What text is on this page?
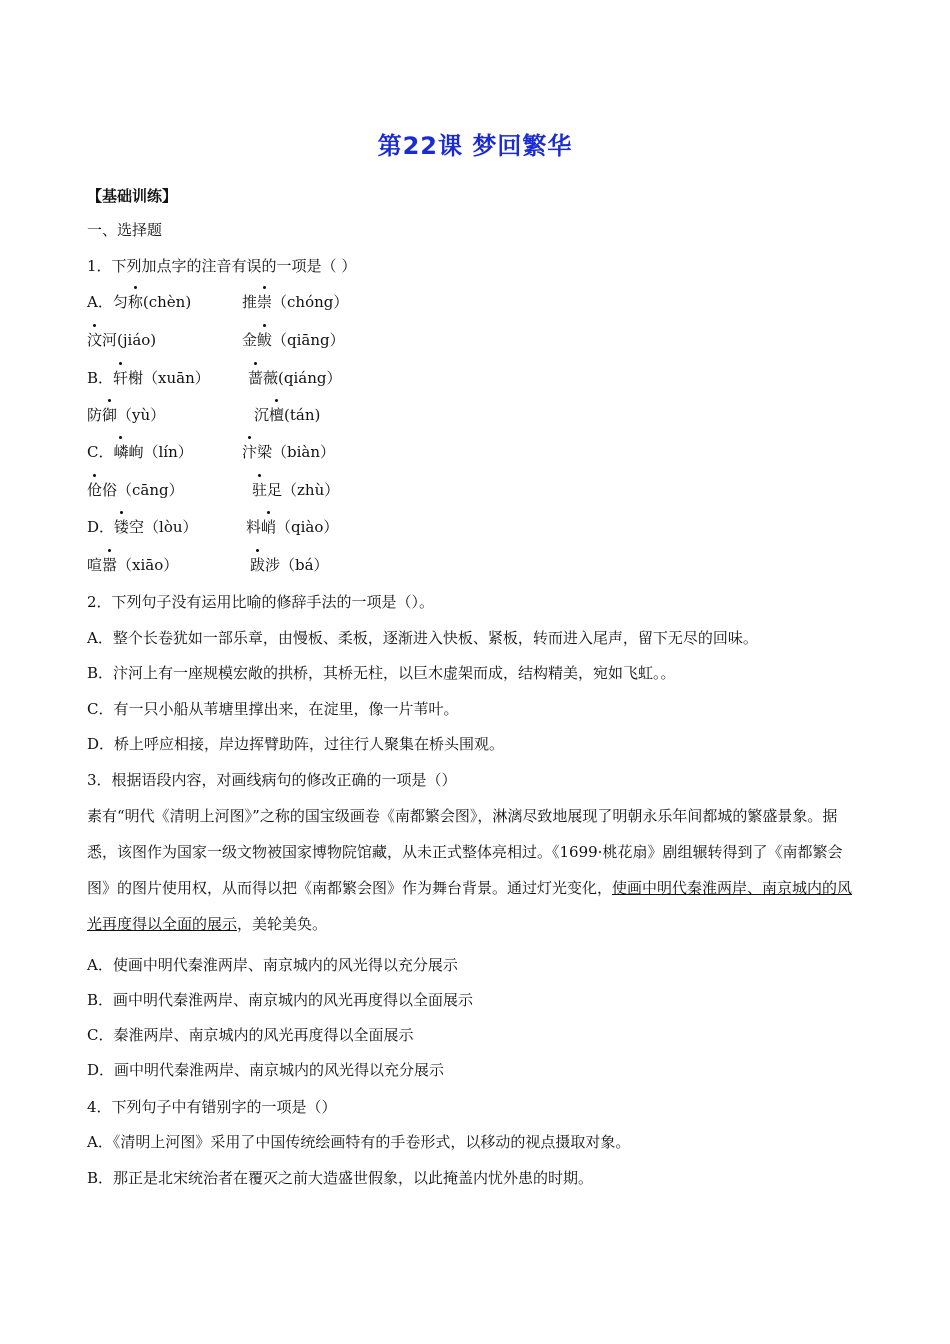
第22课 梦回繁华
【基础训练】
一、选择题
1．下列加点字的注音有误的一项是（ ）
A．匀称(chèn)	推崇（chóng）
汶河(jiáo)	金鲅（qiāng）
B．轩榭（xuān）	蔷薇(qiáng）
防御（yù）	沉檀(tán)
C．嶙峋（lín）	汴梁（biàn）
伧俗（cāng）	驻足（zhù）
D．镂空（lòu）	料峭（qiào）
喧嚣（xiāo）	跋涉（bá）
2．下列句子没有运用比喻的修辞手法的一项是（）。
A．整个长卷犹如一部乐章，由慢板、柔板，逐渐进入快板、紧板，转而进入尾声，留下无尽的回味。
B．汴河上有一座规模宏敞的拱桥，其桥无柱，以巨木虚架而成，结构精美，宛如飞虹。。
C．有一只小船从苇塘里撑出来，在淀里，像一片苇叶。
D．桥上呼应相接，岸边挥臂助阵，过往行人聚集在桥头围观。
3．根据语段内容，对画线病句的修改正确的一项是（）
素有“明代《清明上河图》”之称的国宝级画卷《南都繁会图》，淋漓尽致地展现了明朝永乐年间都城的繁盛景象。据悉，该图作为国家一级文物被国家博物院馆藏，从未正式整体亮相过。《1699·桃花扇》剧组辗转得到了《南都繁会图》的图片使用权，从而得以把《南都繁会图》作为舞台背景。通过灯光变化，使画中明代秦淮两岸、南京城内的风光再度得以全面的展示，美轮美奂。
A．使画中明代秦淮两岸、南京城内的风光得以充分展示
B．画中明代秦淮两岸、南京城内的风光再度得以全面展示
C．秦淮两岸、南京城内的风光再度得以全面展示
D．画中明代秦淮两岸、南京城内的风光得以充分展示
4．下列句子中有错别字的一项是（）
A．《清明上河图》采用了中国传统绘画特有的手卷形式，以移动的视点摄取对象。
B．那正是北宋统治者在覆灭之前大造盛世假象，以此掩盖内忧外患的时期。
